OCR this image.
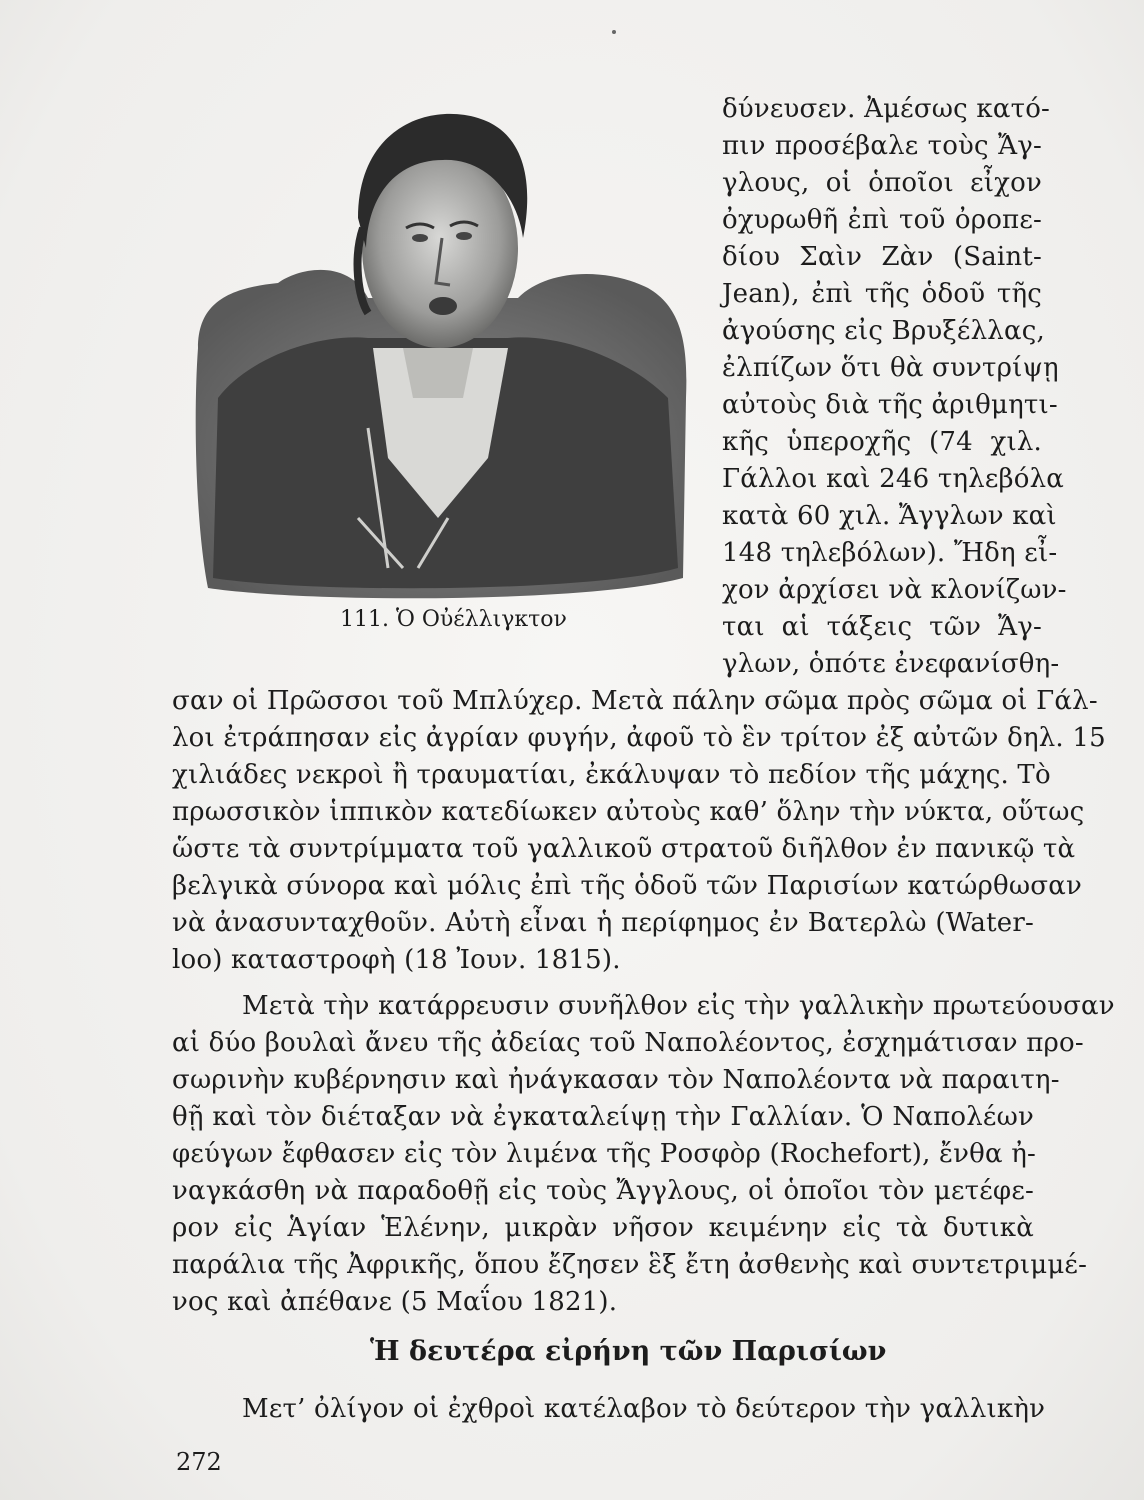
111. Ὁ Οὐέλλιγκτον
δύνευσεν. Ἀμέσως κατό-
πιν προσέβαλε τοὺς Ἄγ-
γλους, οἱ ὁποῖοι εἶχον
ὀχυρωθῆ ἐπὶ τοῦ ὀροπε-
δίου Σαὶν Ζὰν (Saint-
Jean), ἐπὶ τῆς ὁδοῦ τῆς
ἀγούσης εἰς Βρυξέλλας,
ἐλπίζων ὅτι θὰ συντρίψῃ
αὐτοὺς διὰ τῆς ἀριθμητι-
κῆς ὑπεροχῆς (74 χιλ.
Γάλλοι καὶ 246 τηλεβόλα
κατὰ 60 χιλ. Ἄγγλων καὶ
148 τηλεβόλων). Ἤδη εἶ-
χον ἀρχίσει νὰ κλονίζων-
ται αἱ τάξεις τῶν Ἄγ-
γλων, ὁπότε ἐνεφανίσθη-
σαν οἱ Πρῶσσοι τοῦ Μπλύχερ. Μετὰ πάλην σῶμα πρὸς σῶμα οἱ Γάλ-
λοι ἐτράπησαν εἰς ἀγρίαν φυγήν, ἀφοῦ τὸ ἓν τρίτον ἐξ αὐτῶν δηλ. 15
χιλιάδες νεκροὶ ἢ τραυματίαι, ἐκάλυψαν τὸ πεδίον τῆς μάχης. Τὸ
πρωσσικὸν ἱππικὸν κατεδίωκεν αὐτοὺς καθ’ ὅλην τὴν νύκτα, οὕτως
ὥστε τὰ συντρίμματα τοῦ γαλλικοῦ στρατοῦ διῆλθον ἐν πανικῷ τὰ
βελγικὰ σύνορα καὶ μόλις ἐπὶ τῆς ὁδοῦ τῶν Παρισίων κατώρθωσαν
νὰ ἀνασυνταχθοῦν. Αὐτὴ εἶναι ἡ περίφημος ἐν Βατερλὼ (Water-
loo) καταστροφὴ (18 Ἰουν. 1815).
Μετὰ τὴν κατάρρευσιν συνῆλθον εἰς τὴν γαλλικὴν πρωτεύουσαν
αἱ δύο βουλαὶ ἄνευ τῆς ἀδείας τοῦ Ναπολέοντος, ἐσχημάτισαν προ-
σωρινὴν κυβέρνησιν καὶ ἠνάγκασαν τὸν Ναπολέοντα νὰ παραιτη-
θῇ καὶ τὸν διέταξαν νὰ ἐγκαταλείψῃ τὴν Γαλλίαν. Ὁ Ναπολέων
φεύγων ἔφθασεν εἰς τὸν λιμένα τῆς Ροσφὸρ (Rochefort), ἔνθα ἠ-
ναγκάσθη νὰ παραδοθῇ εἰς τοὺς Ἄγγλους, οἱ ὁποῖοι τὸν μετέφε-
ρον εἰς Ἁγίαν Ἑλένην, μικρὰν νῆσον κειμένην εἰς τὰ δυτικὰ
παράλια τῆς Ἀφρικῆς, ὅπου ἔζησεν ἓξ ἔτη ἀσθενὴς καὶ συντετριμμέ-
νος καὶ ἀπέθανε (5 Μαΐου 1821).
Ἡ δευτέρα εἰρήνη τῶν Παρισίων
Μετ’ ὀλίγον οἱ ἐχθροὶ κατέλαβον τὸ δεύτερον τὴν γαλλικὴν
272
